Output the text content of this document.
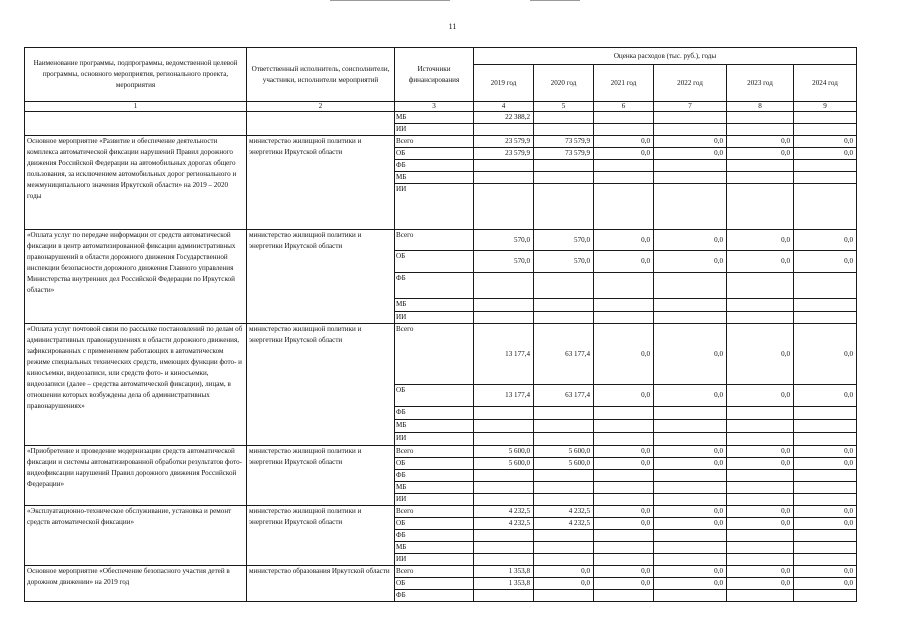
11
Наименование программы, подпрограммы, ведомственной целевой программы, основного мероприятия, регионального проекта, мероприятия	Ответственный исполнитель, соисполнители, участники, исполнители мероприятий	Источники финансирования	Оценка расходов (тыс. руб.), годы					
			2019 год	2020 год	2021 год	2022 год	2023 год	2024 год
1	2	3	4	5	6	7	8	9
		МБ	22 388,2					
		ИИ						
Основное мероприятие «Развитие и обеспечение деятельности комплекса автоматической фиксации нарушений Правил дорожного движения Российской Федерации на автомобильных дорогах общего пользования, за исключением автомобильных дорог регионального и межмуниципального значения Иркутской области» на 2019 – 2020 годы	министерство жилищной политики и энергетики Иркутской области	Всего	23 579,9	73 579,9	0,0	0,0	0,0	0,0
		ОБ	23 579,9	73 579,9	0,0	0,0	0,0	0,0
		ФБ						
		МБ						
		ИИ						
«Оплата услуг по передаче информации от средств автоматической фиксации в центр автоматизированной фиксации административных правонарушений в области дорожного движения Государственной инспекции безопасности дорожного движения Главного управления Министерства внутренних дел Российской Федерации по Иркутской области»	министерство жилищной политики и энергетики Иркутской области	Всего	570,0	570,0	0,0	0,0	0,0	0,0
		ОБ	570,0	570,0	0,0	0,0	0,0	0,0
		ФБ						
		МБ						
		ИИ						
«Оплата услуг почтовой связи по рассылке постановлений по делам об административных правонарушениях в области дорожного движения, зафиксированных с применением работающих в автоматическом режиме специальных технических средств, имеющих функции фото- и киносъемки, видеозаписи, или средств фото- и киносъемки, видеозаписи (далее – средства автоматической фиксации), лицам, в отношении которых возбуждены дела об административных правонарушениях»	министерство жилищной политики и энергетики Иркутской области	Всего	13 177,4	63 177,4	0,0	0,0	0,0	0,0
		ОБ	13 177,4	63 177,4	0,0	0,0	0,0	0,0
		ФБ						
		МБ						
		ИИ						
«Приобретение и проведение модернизации средств автоматической фиксации и системы автоматизированной обработки результатов фото-видеофиксации нарушений Правил дорожного движения Российской Федерации»	министерство жилищной политики и энергетики Иркутской области	Всего	5 600,0	5 600,0	0,0	0,0	0,0	0,0
		ОБ	5 600,0	5 600,0	0,0	0,0	0,0	0,0
		ФБ						
		МБ						
		ИИ						
«Эксплуатационно-техническое обслуживание, установка и ремонт средств автоматической фиксации»	министерство жилищной политики и энергетики Иркутской области	Всего	4 232,5	4 232,5	0,0	0,0	0,0	0,0
		ОБ	4 232,5	4 232,5	0,0	0,0	0,0	0,0
		ФБ						
		МБ						
		ИИ						
Основное мероприятие «Обеспечение безопасного участия детей в дорожном движении» на 2019 год	министерство образования Иркутской области	Всего	1 353,8	0,0	0,0	0,0	0,0	0,0
		ОБ	1 353,8	0,0	0,0	0,0	0,0	0,0
		ФБ						
